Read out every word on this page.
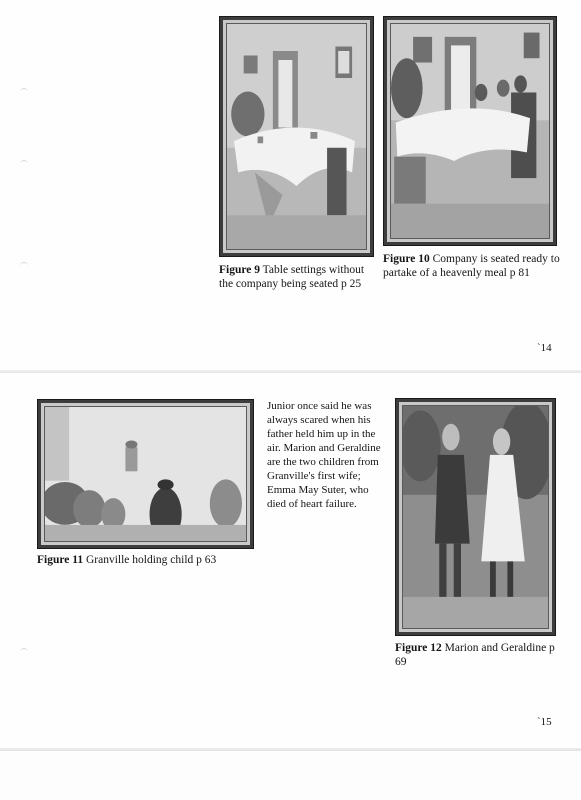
Figure 9 Table settings without the company being seated p 25
Figure 10 Company is seated ready to partake of a heavenly meal p 81
`14
Figure 11 Granville holding child p 63
Junior once said he was always scared when his father held him up in the air. Marion and Geraldine are the two children from Granville's first wife; Emma May Suter, who died of heart failure.
Figure 12 Marion and Geraldine p 69
`15
